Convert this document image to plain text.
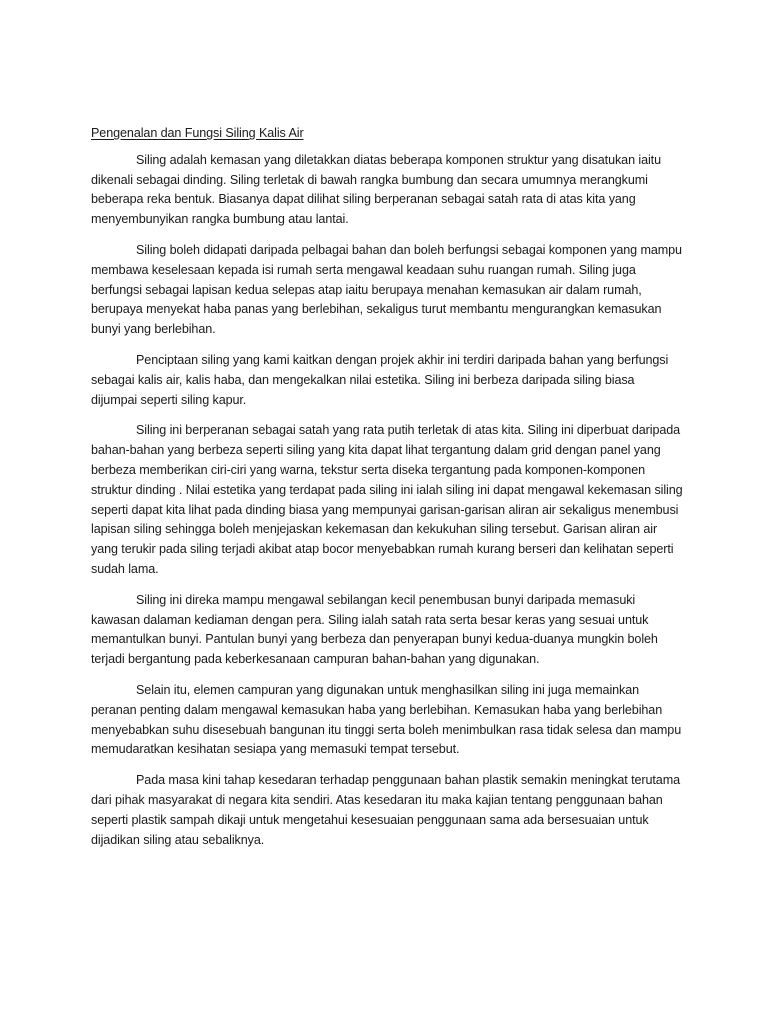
Pengenalan dan Fungsi Siling Kalis Air

Siling adalah kemasan yang diletakkan diatas beberapa komponen struktur yang disatukan iaitu dikenali sebagai dinding. Siling terletak di bawah rangka bumbung dan secara umumnya merangkumi beberapa reka bentuk. Biasanya dapat dilihat siling berperanan sebagai satah rata di atas kita yang menyembunyikan rangka bumbung atau lantai.

Siling boleh didapati daripada pelbagai bahan dan boleh berfungsi sebagai komponen yang mampu membawa keselesaan kepada isi rumah serta mengawal keadaan suhu ruangan rumah. Siling juga berfungsi sebagai lapisan kedua selepas atap iaitu berupaya menahan kemasukan air dalam rumah, berupaya menyekat haba panas yang berlebihan, sekaligus turut membantu mengurangkan kemasukan bunyi yang berlebihan.

Penciptaan siling yang kami kaitkan dengan projek akhir ini terdiri daripada bahan yang berfungsi sebagai kalis air, kalis haba, dan mengekalkan nilai estetika. Siling ini berbeza daripada siling biasa dijumpai seperti siling kapur.

Siling ini berperanan sebagai satah yang rata putih terletak di atas kita. Siling ini diperbuat daripada bahan-bahan yang berbeza seperti siling yang kita dapat lihat tergantung dalam grid dengan panel yang berbeza memberikan ciri-ciri yang warna, tekstur serta diseka tergantung pada komponen-komponen struktur dinding . Nilai estetika yang terdapat pada siling ini ialah siling ini dapat mengawal kekemasan siling seperti dapat kita lihat pada dinding biasa yang mempunyai garisan-garisan aliran air sekaligus menembusi lapisan siling sehingga boleh menjejaskan kekemasan dan kekukuhan siling tersebut. Garisan aliran air yang terukir pada siling terjadi akibat atap bocor menyebabkan rumah kurang berseri dan kelihatan seperti sudah lama.

Siling ini direka mampu mengawal sebilangan kecil penembusan bunyi daripada memasuki kawasan dalaman kediaman dengan pera. Siling ialah satah rata serta besar keras yang sesuai untuk memantulkan bunyi. Pantulan bunyi yang berbeza dan penyerapan bunyi kedua-duanya mungkin boleh terjadi bergantung pada keberkesanaan campuran bahan-bahan yang digunakan.

Selain itu, elemen campuran yang digunakan untuk menghasilkan siling ini juga memainkan peranan penting dalam mengawal kemasukan haba yang berlebihan. Kemasukan haba yang berlebihan menyebabkan suhu disesebuah bangunan itu tinggi serta boleh menimbulkan rasa tidak selesa dan mampu memudaratkan kesihatan sesiapa yang memasuki tempat tersebut.

Pada masa kini tahap kesedaran terhadap penggunaan bahan plastik semakin meningkat terutama dari pihak masyarakat di negara kita sendiri. Atas kesedaran itu maka kajian tentang penggunaan bahan seperti plastik sampah dikaji untuk mengetahui kesesuaian penggunaan sama ada bersesuaian untuk dijadikan siling atau sebaliknya.
